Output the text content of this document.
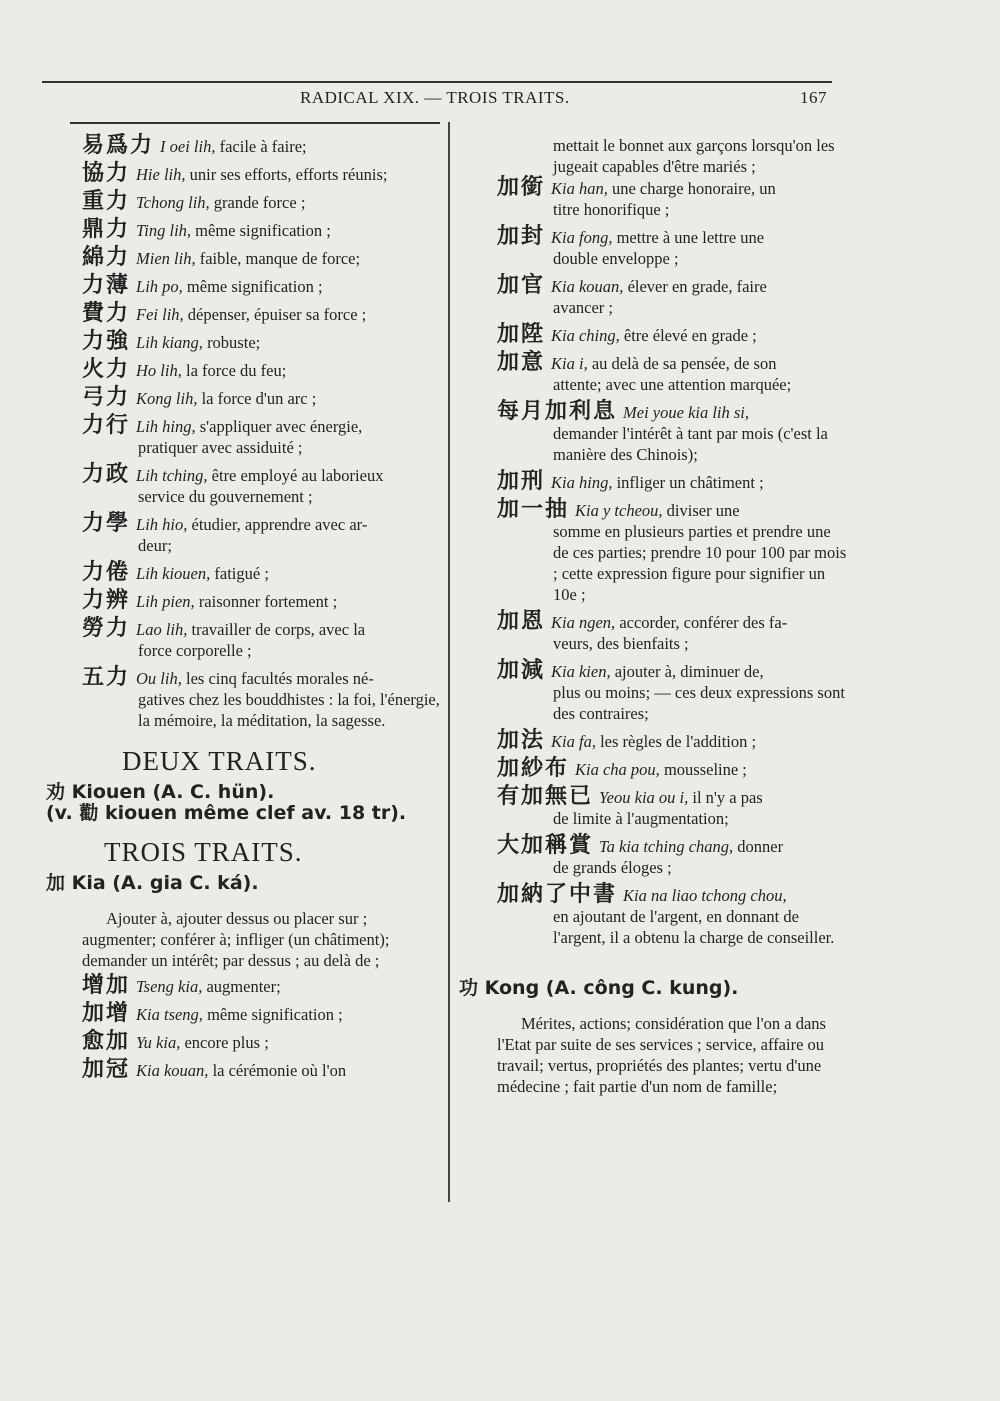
RADICAL XIX. — TROIS TRAITS.	167
易爲力 I oei lih, facile à faire;
協力 Hie lih, unir ses efforts, efforts réunis;
重力 Tchong lih, grande force ;
鼎力 Ting lih, même signification ;
綿力 Mien lih, faible, manque de force;
力薄 Lih po, même signification ;
費力 Fei lih, dépenser, épuiser sa force ;
力強 Lih kiang, robuste;
火力 Ho lih, la force du feu;
弓力 Kong lih, la force d'un arc ;
力行 Lih hing, s'appliquer avec énergie,
pratiquer avec assiduité ;
力政 Lih tching, être employé au laborieux
service du gouvernement ;
力學 Lih hio, étudier, apprendre avec ar-
deur;
力倦 Lih kiouen, fatigué ;
力辨 Lih pien, raisonner fortement ;
勞力 Lao lih, travailler de corps, avec la
force corporelle ;
五力 Ou lih, les cinq facultés morales né-
gatives chez les bouddhistes : la foi, l'énergie, la mémoire, la méditation, la sagesse.
DEUX TRAITS.
劝 Kiouen (A. C. hün).
(v. 勸 kiouen même clef av. 18 tr).
TROIS TRAITS.
加 Kia (A. gia C. ká).
Ajouter à, ajouter dessus ou placer sur ; augmenter; conférer à; infliger (un châtiment); demander un intérêt; par dessus ; au delà de ;
增加 Tseng kia, augmenter;
加增 Kia tseng, même signification ;
愈加 Yu kia, encore plus ;
加冠 Kia kouan, la cérémonie où l'on
mettait le bonnet aux garçons lorsqu'on les jugeait capables d'être mariés ;
加銜 Kia han, une charge honoraire, un
titre honorifique ;
加封 Kia fong, mettre à une lettre une
double enveloppe ;
加官 Kia kouan, élever en grade, faire
avancer ;
加陞 Kia ching, être élevé en grade ;
加意 Kia i, au delà de sa pensée, de son
attente; avec une attention marquée;
每月加利息 Mei youe kia lih si,
demander l'intérêt à tant par mois (c'est la manière des Chinois);
加刑 Kia hing, infliger un châtiment ;
加一抽 Kia y tcheou, diviser une
somme en plusieurs parties et prendre une de ces parties; prendre 10 pour 100 par mois ; cette expression figure pour signifier un 10e ;
加恩 Kia ngen, accorder, conférer des fa-
veurs, des bienfaits ;
加減 Kia kien, ajouter à, diminuer de,
plus ou moins; — ces deux expressions sont des contraires;
加法 Kia fa, les règles de l'addition ;
加紗布 Kia cha pou, mousseline ;
有加無已 Yeou kia ou i, il n'y a pas
de limite à l'augmentation;
大加稱賞 Ta kia tching chang, donner
de grands éloges ;
加納了中書 Kia na liao tchong chou,
en ajoutant de l'argent, en donnant de l'argent, il a obtenu la charge de conseiller.
功 Kong (A. công C. kung).
Mérites, actions; considération que l'on a dans l'Etat par suite de ses services ; service, affaire ou travail; vertus, propriétés des plantes; vertu d'une médecine ; fait partie d'un nom de famille;
